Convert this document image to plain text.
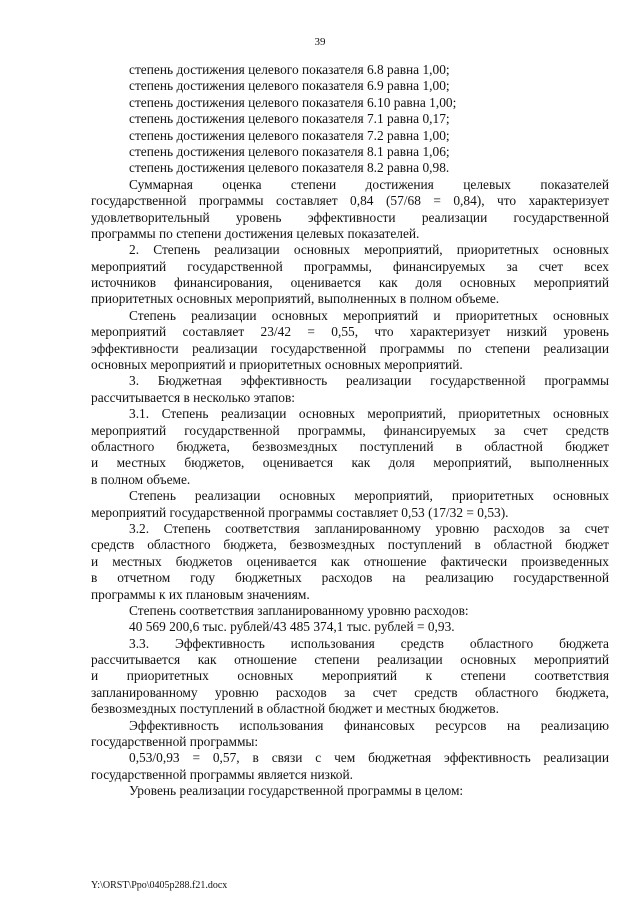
39
степень достижения целевого показателя 6.8 равна 1,00;
степень достижения целевого показателя 6.9 равна 1,00;
степень достижения целевого показателя 6.10 равна 1,00;
степень достижения целевого показателя 7.1 равна 0,17;
степень достижения целевого показателя 7.2 равна 1,00;
степень достижения целевого показателя 8.1 равна 1,06;
степень достижения целевого показателя 8.2 равна 0,98.
Суммарная оценка степени достижения целевых показателей
государственной программы составляет 0,84 (57/68 = 0,84), что характеризует
удовлетворительный уровень эффективности реализации государственной
программы по степени достижения целевых показателей.
2. Степень реализации основных мероприятий, приоритетных основных
мероприятий государственной программы, финансируемых за счет всех
источников финансирования, оценивается как доля основных мероприятий
приоритетных основных мероприятий, выполненных в полном объеме.
Степень реализации основных мероприятий и приоритетных основных
мероприятий составляет 23/42 = 0,55, что характеризует низкий уровень
эффективности реализации государственной программы по степени реализации
основных мероприятий и приоритетных основных мероприятий.
3. Бюджетная эффективность реализации государственной программы
рассчитывается в несколько этапов:
3.1. Степень реализации основных мероприятий, приоритетных основных
мероприятий государственной программы, финансируемых за счет средств
областного бюджета, безвозмездных поступлений в областной бюджет
и местных бюджетов, оценивается как доля мероприятий, выполненных
в полном объеме.
Степень реализации основных мероприятий, приоритетных основных
мероприятий государственной программы составляет 0,53 (17/32 = 0,53).
3.2. Степень соответствия запланированному уровню расходов за счет
средств областного бюджета, безвозмездных поступлений в областной бюджет
и местных бюджетов оценивается как отношение фактически произведенных
в отчетном году бюджетных расходов на реализацию государственной
программы к их плановым значениям.
Степень соответствия запланированному уровню расходов:
40 569 200,6 тыс. рублей/43 485 374,1 тыс. рублей = 0,93.
3.3. Эффективность использования средств областного бюджета
рассчитывается как отношение степени реализации основных мероприятий
и приоритетных основных мероприятий к степени соответствия
запланированному уровню расходов за счет средств областного бюджета,
безвозмездных поступлений в областной бюджет и местных бюджетов.
Эффективность использования финансовых ресурсов на реализацию
государственной программы:
0,53/0,93 = 0,57, в связи с чем бюджетная эффективность реализации
государственной программы является низкой.
Уровень реализации государственной программы в целом:
Y:\ORST\Ppo\0405p288.f21.docx
